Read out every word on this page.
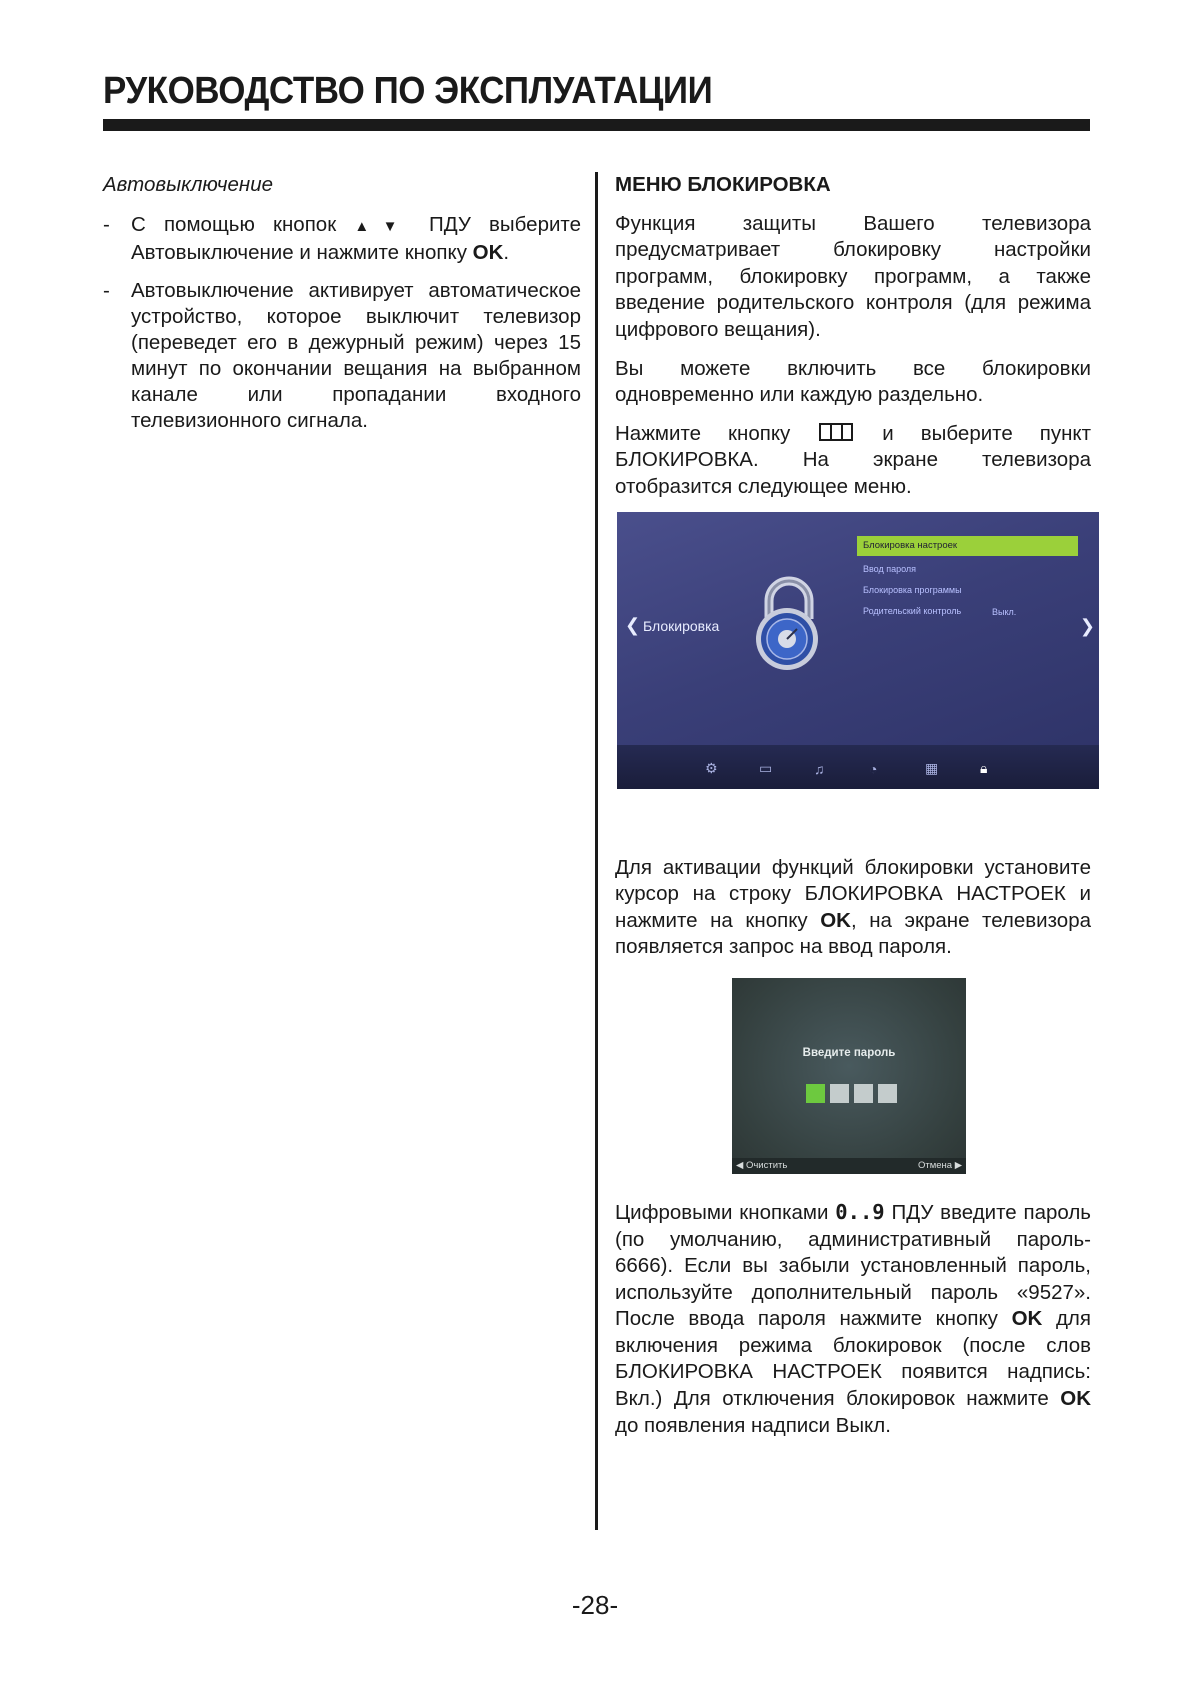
РУКОВОДСТВО ПО ЭКСПЛУАТАЦИИ
Автовыключение
- С помощью кнопок ▲▼ ПДУ выберите Автовыключение и нажмите кнопку OK.
- Автовыключение активирует автоматическое устройство, которое выключит телевизор (переведет его в дежурный режим) через 15 минут по окончании вещания на выбранном канале или пропадании входного телевизионного сигнала.
МЕНЮ БЛОКИРОВКА

Функция защиты Вашего телевизора предусматривает блокировку настройки программ, блокировку программ, а также введение родительского контроля (для режима цифрового вещания).

Вы можете включить все блокировки одновременно или каждую раздельно.

Нажмите кнопку  и выберите пункт БЛОКИРОВКА. На экране телевизора отобразится следующее меню.

Для активации функций блокировки установите курсор на строку БЛОКИРОВКА НАСТРОЕК и нажмите на кнопку OK, на экране телевизора появляется запрос на ввод пароля.

Цифровыми кнопками 0..9 ПДУ введите пароль (по умолчанию, административный пароль- 6666). Если вы забыли установленный пароль, используйте дополнительный пароль «9527». После ввода пароля нажмите кнопку OK для включения режима блокировок (после слов БЛОКИРОВКА НАСТРОЕК появится надпись: Вкл.) Для отключения блокировок нажмите OK до появления надписи Выкл.

Блокировка настроек
Ввод пароля
Блокировка программы
Родительский контроль	Выкл.
❮ Блокировка	❯
⚙	▭	♫	◔	▦	🔒︎
Введите пароль
◀ Очистить	Отмена ▶
-28-
